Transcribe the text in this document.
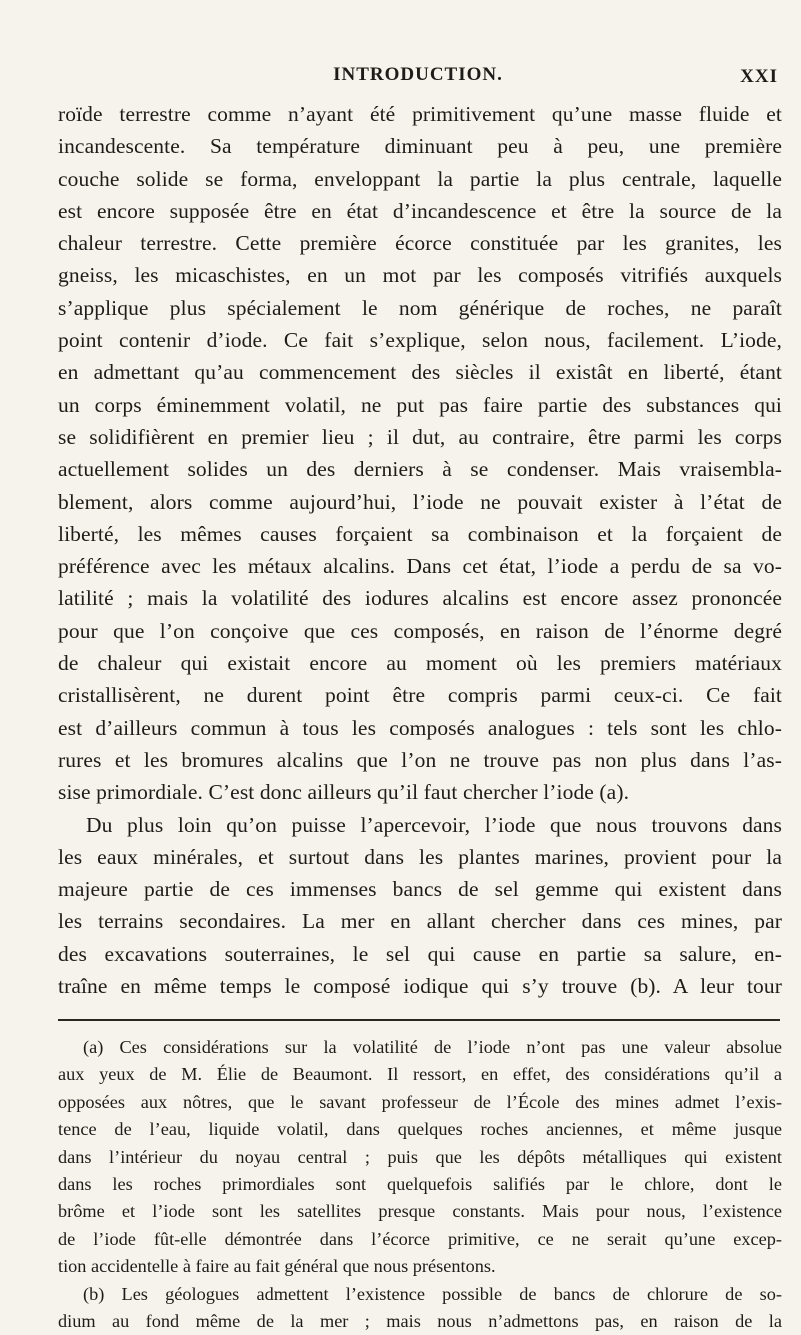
INTRODUCTION.	XXI
roïde terrestre comme n’ayant été primitivement qu’une masse fluide et
incandescente. Sa température diminuant peu à peu, une première
couche solide se forma, enveloppant la partie la plus centrale, laquelle
est encore supposée être en état d’incandescence et être la source de la
chaleur terrestre. Cette première écorce constituée par les granites, les
gneiss, les micaschistes, en un mot par les composés vitrifiés auxquels
s’applique plus spécialement le nom générique de roches, ne paraît
point contenir d’iode. Ce fait s’explique, selon nous, facilement. L’iode,
en admettant qu’au commencement des siècles il existât en liberté, étant
un corps éminemment volatil, ne put pas faire partie des substances qui
se solidifièrent en premier lieu ; il dut, au contraire, être parmi les corps
actuellement solides un des derniers à se condenser. Mais vraisembla-
blement, alors comme aujourd’hui, l’iode ne pouvait exister à l’état de
liberté, les mêmes causes forçaient sa combinaison et la forçaient de
préférence avec les métaux alcalins. Dans cet état, l’iode a perdu de sa vo-
latilité ; mais la volatilité des iodures alcalins est encore assez prononcée
pour que l’on conçoive que ces composés, en raison de l’énorme degré
de chaleur qui existait encore au moment où les premiers matériaux
cristallisèrent, ne durent point être compris parmi ceux-ci. Ce fait
est d’ailleurs commun à tous les composés analogues : tels sont les chlo-
rures et les bromures alcalins que l’on ne trouve pas non plus dans l’as-
sise primordiale. C’est donc ailleurs qu’il faut chercher l’iode (a).
Du plus loin qu’on puisse l’apercevoir, l’iode que nous trouvons dans
les eaux minérales, et surtout dans les plantes marines, provient pour la
majeure partie de ces immenses bancs de sel gemme qui existent dans
les terrains secondaires. La mer en allant chercher dans ces mines, par
des excavations souterraines, le sel qui cause en partie sa salure, en-
traîne en même temps le composé iodique qui s’y trouve (b). A leur tour
(a) Ces considérations sur la volatilité de l’iode n’ont pas une valeur absolue
aux yeux de M. Élie de Beaumont. Il ressort, en effet, des considérations qu’il a
opposées aux nôtres, que le savant professeur de l’École des mines admet l’exis-
tence de l’eau, liquide volatil, dans quelques roches anciennes, et même jusque
dans l’intérieur du noyau central ; puis que les dépôts métalliques qui existent
dans les roches primordiales sont quelquefois salifiés par le chlore, dont le
brôme et l’iode sont les satellites presque constants. Mais pour nous, l’existence
de l’iode fût-elle démontrée dans l’écorce primitive, ce ne serait qu’une excep-
tion accidentelle à faire au fait général que nous présentons.
(b) Les géologues admettent l’existence possible de bancs de chlorure de so-
dium au fond même de la mer ; mais nous n’admettons pas, en raison de la
